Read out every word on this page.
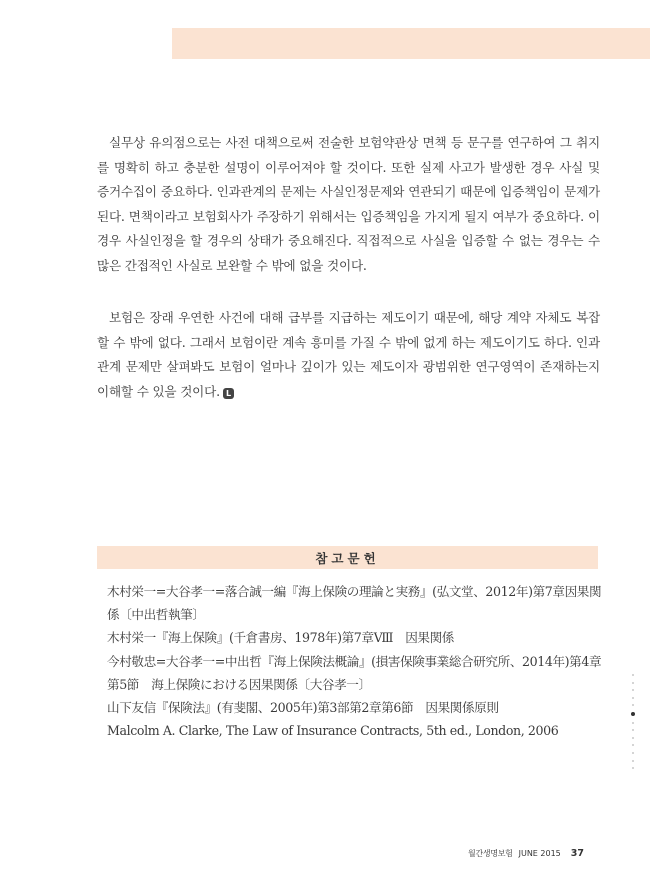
실무상 유의점으로는 사전 대책으로써 전술한 보험약관상 면책 등 문구를 연구하여 그 취지를 명확히 하고 충분한 설명이 이루어져야 할 것이다. 또한 실제 사고가 발생한 경우 사실 및 증거수집이 중요하다. 인과관계의 문제는 사실인정문제와 연관되기 때문에 입증책임이 문제가 된다. 면책이라고 보험회사가 주장하기 위해서는 입증책임을 가지게 될지 여부가 중요하다. 이 경우 사실인정을 할 경우의 상태가 중요해진다. 직접적으로 사실을 입증할 수 없는 경우는 수많은 간접적인 사실로 보완할 수 밖에 없을 것이다.

보험은 장래 우연한 사건에 대해 급부를 지급하는 제도이기 때문에, 해당 계약 자체도 복잡할 수 밖에 없다. 그래서 보험이란 계속 흥미를 가질 수 밖에 없게 하는 제도이기도 하다. 인과관계 문제만 살펴봐도 보험이 얼마나 깊이가 있는 제도이자 광범위한 연구영역이 존재하는지 이해할 수 있을 것이다. L

참고문헌
木村栄一=大谷孝一=落合誠一編『海上保険の理論と実務』(弘文堂、2012年)第7章因果関係〔中出哲執筆〕
木村栄一『海上保険』(千倉書房、1978年)第7章Ⅷ　因果関係
今村敬忠=大谷孝一=中出哲『海上保険法概論』(損害保険事業総合研究所、2014年)第4章第5節　海上保険における因果関係〔大谷孝一〕
山下友信『保険法』(有斐閣、2005年)第3部第2章第6節　因果関係原則
Malcolm A. Clarke, The Law of Insurance Contracts, 5th ed., London, 2006
월간생명보험 JUNE 2015 37
